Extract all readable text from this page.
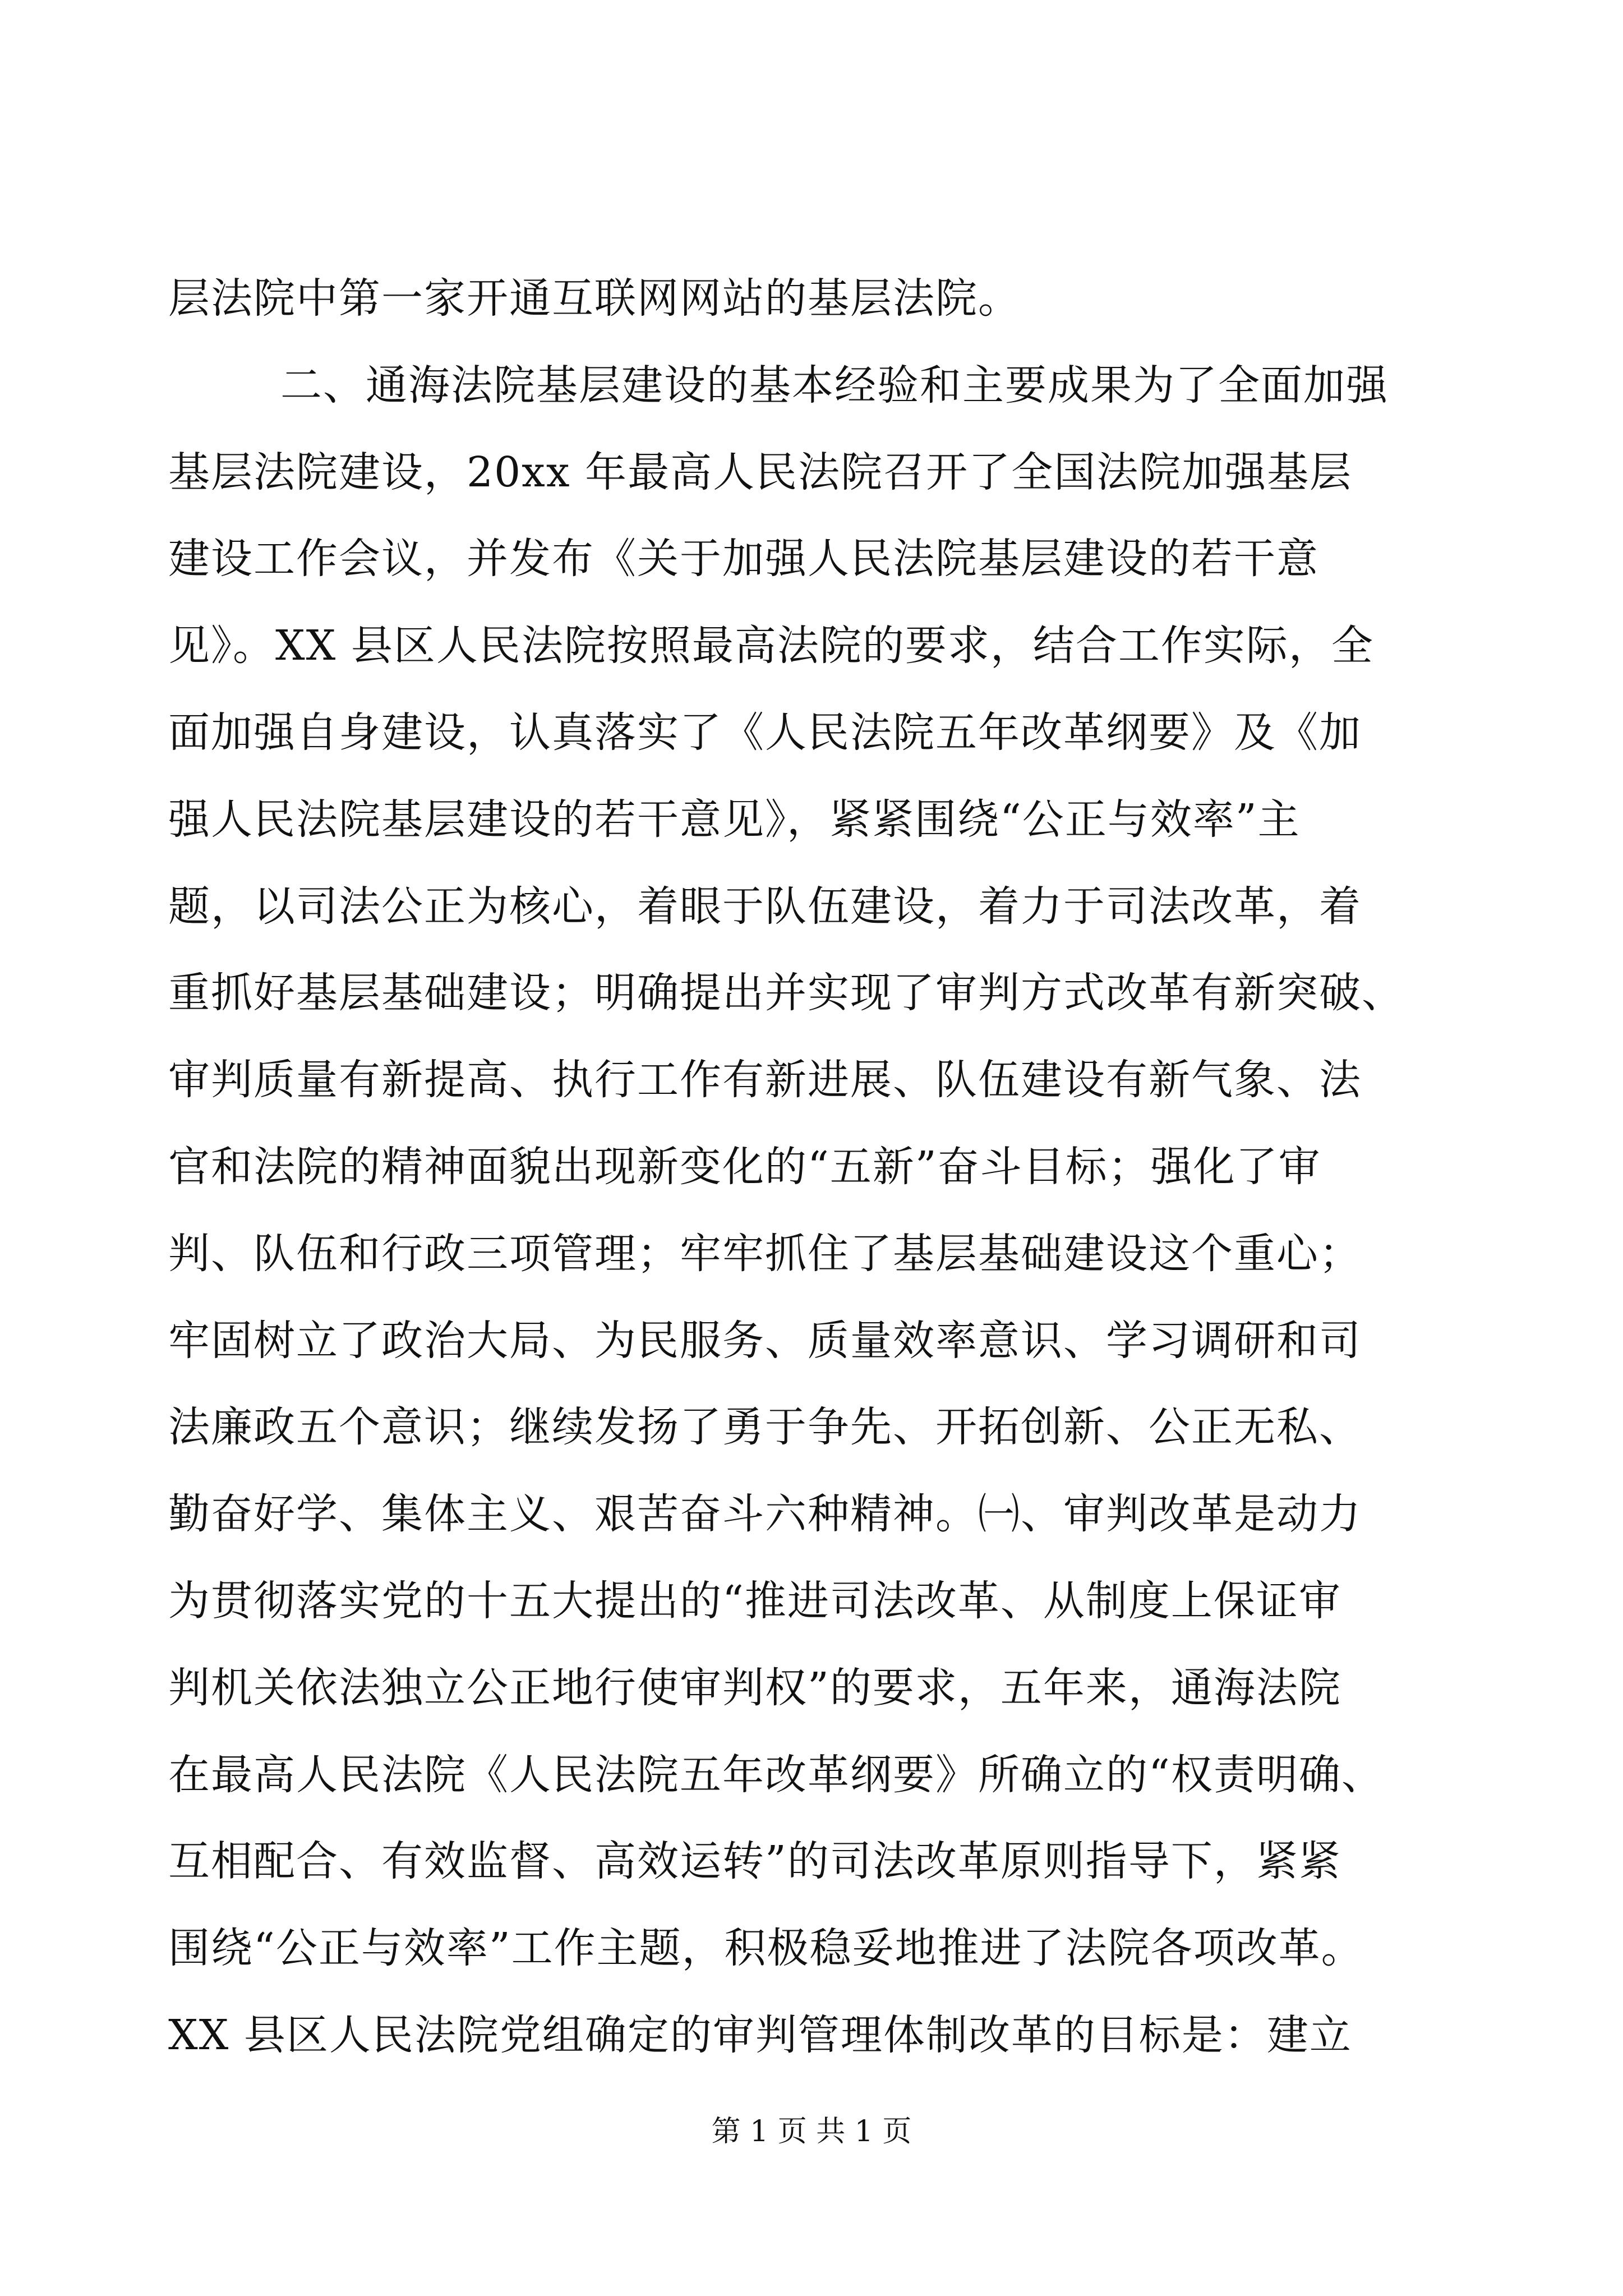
层法院中第一家开通互联网网站的基层法院。
二、通海法院基层建设的基本经验和主要成果为了全面加强
基层法院建设，20xx 年最高人民法院召开了全国法院加强基层
建设工作会议，并发布《关于加强人民法院基层建设的若干意
见》。XX 县区人民法院按照最高法院的要求，结合工作实际，全
面加强自身建设，认真落实了《人民法院五年改革纲要》及《加
强人民法院基层建设的若干意见》，紧紧围绕“公正与效率”主
题，以司法公正为核心，着眼于队伍建设，着力于司法改革，着
重抓好基层基础建设；明确提出并实现了审判方式改革有新突破、
审判质量有新提高、执行工作有新进展、队伍建设有新气象、法
官和法院的精神面貌出现新变化的“五新”奋斗目标；强化了审
判、队伍和行政三项管理；牢牢抓住了基层基础建设这个重心；
牢固树立了政治大局、为民服务、质量效率意识、学习调研和司
法廉政五个意识；继续发扬了勇于争先、开拓创新、公正无私、
勤奋好学、集体主义、艰苦奋斗六种精神。㈠、审判改革是动力
为贯彻落实党的十五大提出的“推进司法改革、从制度上保证审
判机关依法独立公正地行使审判权”的要求，五年来，通海法院
在最高人民法院《人民法院五年改革纲要》所确立的“权责明确、
互相配合、有效监督、高效运转”的司法改革原则指导下，紧紧
围绕“公正与效率”工作主题，积极稳妥地推进了法院各项改革。
XX 县区人民法院党组确定的审判管理体制改革的目标是：建立
第 1 页 共 1 页
